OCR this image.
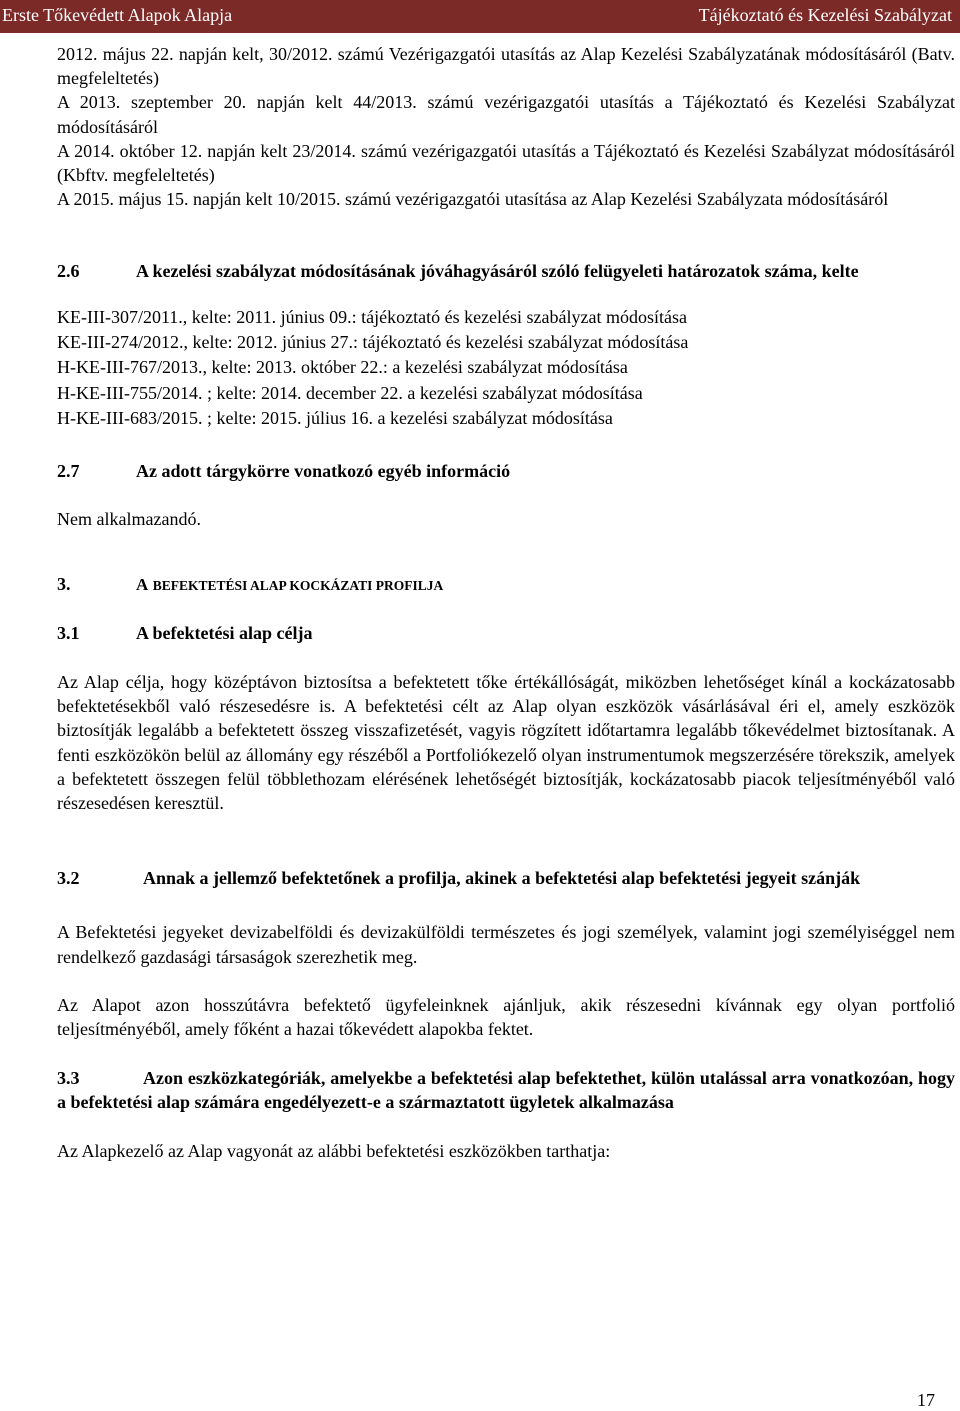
Erste Tőkevédett Alapok Alapja	Tájékoztató és Kezelési Szabályzat

2012. május 22. napján kelt, 30/2012. számú Vezérigazgatói utasítás az Alap Kezelési Szabályzatának módosításáról (Batv. megfeleltetés)

A 2013. szeptember 20. napján kelt 44/2013. számú vezérigazgatói utasítás a Tájékoztató és Kezelési Szabályzat módosításáról

A 2014. október 12. napján kelt 23/2014. számú vezérigazgatói utasítás a Tájékoztató és Kezelési Szabályzat módosításáról (Kbftv. megfeleltetés)

A 2015. május 15. napján kelt 10/2015. számú vezérigazgatói utasítása az Alap Kezelési Szabályzata módosításáról

2.6	A kezelési szabályzat módosításának jóváhagyásáról szóló felügyeleti határozatok száma, kelte

KE-III-307/2011., kelte: 2011. június 09.: tájékoztató és kezelési szabályzat módosítása

KE-III-274/2012., kelte: 2012. június 27.: tájékoztató és kezelési szabályzat módosítása

H-KE-III-767/2013., kelte: 2013. október 22.: a kezelési szabályzat módosítása

H-KE-III-755/2014. ; kelte: 2014. december 22. a kezelési szabályzat módosítása

H-KE-III-683/2015. ; kelte: 2015. július 16. a kezelési szabályzat módosítása

2.7	Az adott tárgykörre vonatkozó egyéb információ

Nem alkalmazandó.

3.	A BEFEKTETÉSI ALAP KOCKÁZATI PROFILJA

3.1	A befektetési alap célja

Az Alap célja, hogy középtávon biztosítsa a befektetett tőke értékállóságát, miközben lehetőséget kínál a kockázatosabb befektetésekből való részesedésre is. A befektetési célt az Alap olyan eszközök vásárlásával éri el, amely eszközök biztosítják legalább a befektetett összeg visszafizetését, vagyis rögzített időtartamra legalább tőkevédelmet biztosítanak. A fenti eszközökön belül az állomány egy részéből a Portfoliókezelő olyan instrumentumok megszerzésére törekszik, amelyek a befektetett összegen felül többlethozam elérésének lehetőségét biztosítják, kockázatosabb piacok teljesítményéből való részesedésen keresztül.

3.2	Annak a jellemző befektetőnek a profilja, akinek a befektetési alap befektetési jegyeit szánják

A Befektetési jegyeket devizabelföldi és devizakülföldi természetes és jogi személyek, valamint jogi személyiséggel nem rendelkező gazdasági társaságok szerezhetik meg.

Az Alapot azon hosszútávra befektető ügyfeleinknek ajánljuk, akik részesedni kívánnak egy olyan portfolió teljesítményéből, amely főként a hazai tőkevédett alapokba fektet.

3.3	Azon eszközkategóriák, amelyekbe a befektetési alap befektethet, külön utalással arra vonatkozóan, hogy a befektetési alap számára engedélyezett-e a származtatott ügyletek alkalmazása

Az Alapkezelő az Alap vagyonát az alábbi befektetési eszközökben tarthatja:

17
